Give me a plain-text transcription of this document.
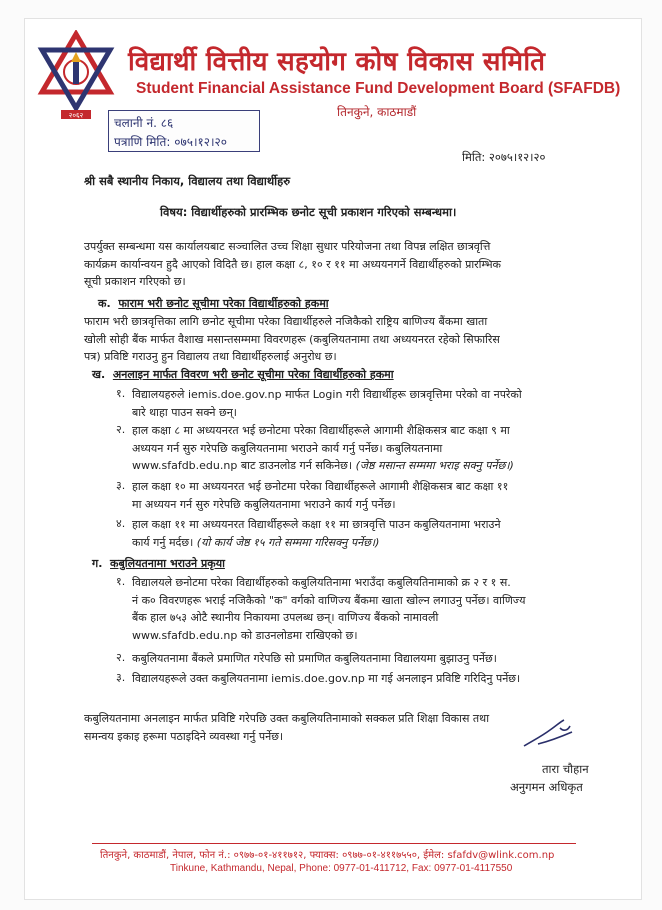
२०६२
विद्यार्थी वित्तीय सहयोग कोष विकास समिति
Student Financial Assistance Fund Development Board (SFAFDB)
तिनकुने, काठमाडौं
चलानी नं. ८६
पत्राणि मिति: ०७५।१२।२०
मिति: २०७५।१२।२०
श्री सबै स्थानीय निकाय, विद्यालय तथा विद्यार्थीहरु
विषय: विद्यार्थीहरुको प्रारम्भिक छनोट सूची प्रकाशन गरिएको सम्बन्धमा।
उपर्युक्त सम्बन्धमा यस कार्यालयबाट सञ्चालित उच्च शिक्षा सुधार परियोजना तथा विपन्न लक्षित छात्रवृत्ति
कार्यक्रम कार्यान्वयन हुदै आएको विदितै छ। हाल कक्षा ८, १० र ११ मा अध्ययनगर्ने विद्यार्थीहरुको प्रारम्भिक
सूची प्रकाशन गरिएको छ।
क. फाराम भरी छनोट सूचीमा परेका विद्यार्थीहरुको हकमा
फाराम भरी छात्रवृत्तिका लागि छनोट सूचीमा परेका विद्यार्थीहरुले नजिकैको राष्ट्रिय बाणिज्य बैंकमा खाता
खोली सोही बैंक मार्फत वैशाख मसान्तसम्ममा विवरणहरू (कबुलियतनामा तथा अध्ययनरत रहेको सिफारिस
पत्र) प्रविष्टि गराउनु हुन विद्यालय तथा विद्यार्थीहरुलाई अनुरोध छ।
ख. अनलाइन मार्फत विवरण भरी छनोट सूचीमा परेका विद्यार्थीहरुको हकमा
१. विद्यालयहरुले iemis.doe.gov.np मार्फत Login गरी विद्यार्थीहरू छात्रवृत्तिमा परेको वा नपरेको
बारे थाहा पाउन सक्ने छन्।
२. हाल कक्षा ८ मा अध्ययनरत भई छनोटमा परेका विद्यार्थीहरूले आगामी शैक्षिकसत्र बाट कक्षा ९ मा
अध्ययन गर्न सुरु गरेपछि कबुलियतनामा भराउने कार्य गर्नु पर्नेछ। कबुलियतनामा
www.sfafdb.edu.np बाट डाउनलोड गर्न सकिनेछ। (जेष्ठ मसान्त सम्ममा भराइ सक्नु पर्नेछ।)
३. हाल कक्षा १० मा अध्ययनरत भई छनोटमा परेका विद्यार्थीहरूले आगामी शैक्षिकसत्र बाट कक्षा ११
मा अध्ययन गर्न सुरु गरेपछि कबुलियतनामा भराउने कार्य गर्नु पर्नेछ।
४. हाल कक्षा ११ मा अध्ययनरत विद्यार्थीहरूले कक्षा ११ मा छात्रवृत्ति पाउन कबुलियतनामा भराउने
कार्य गर्नु मर्दछ। (यो कार्य जेष्ठ १५ गते सम्ममा गरिसक्नु पर्नेछ।)
ग. कबुलियतनामा भराउने प्रकृया
१. विद्यालयले छनोटमा परेका विद्यार्थीहरुको कबुलियतिनामा भराउँदा कबुलियतिनामाको क्र २ र १ स.
नं क० विवरणहरू भराई नजिकैको "क" वर्गको वाणिज्य बैंकमा खाता खोल्न लगाउनु पर्नेछ। वाणिज्य
बैंक हाल ७५३ ओटै स्थानीय निकायमा उपलब्ध छन्। वाणिज्य बैंकको नामावली
www.sfafdb.edu.np को डाउनलोडमा राखिएको छ।
२. कबुलियतनामा बैंकले प्रमाणित गरेपछि सो प्रमाणित कबुलियतनामा विद्यालयमा बुझाउनु पर्नेछ।
३. विद्यालयहरूले उक्त कबुलियतनामा iemis.doe.gov.np मा गई अनलाइन प्रविष्टि गरिदिनु पर्नेछ।
कबुलियतनामा अनलाइन मार्फत प्रविष्टि गरेपछि उक्त कबुलियतिनामाको सक्कल प्रति शिक्षा विकास तथा
समन्वय इकाइ हरूमा पठाइदिने व्यवस्था गर्नु पर्नेछ।
तारा चौहान
अनुगमन अधिकृत
तिनकुने, काठमाडौं, नेपाल, फोन नं.: ०९७७-०१-४११७१२, फ्याक्स: ०९७७-०१-४११७५५०, ईमेल: sfafdv@wlink.com.np
Tinkune, Kathmandu, Nepal, Phone: 0977-01-411712, Fax: 0977-01-4117550
